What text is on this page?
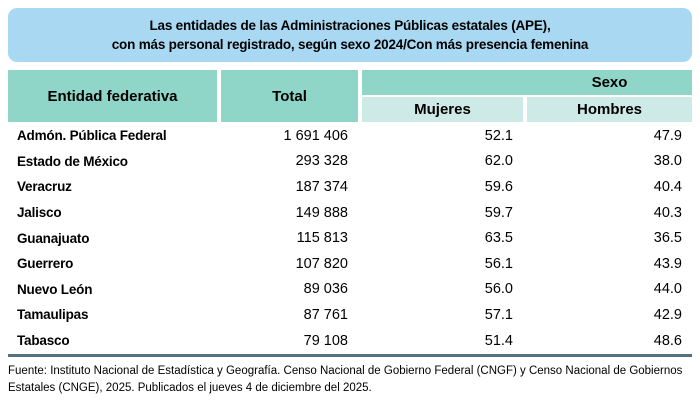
Las entidades de las Administraciones Públicas estatales (APE),
con más personal registrado, según sexo 2024/Con más presencia femenina
Entidad federativa	Total
Sexo
Mujeres	Hombres
Admón. Pública Federal	1 691 406	52.1	47.9
Estado de México	293 328	62.0	38.0
Veracruz	187 374	59.6	40.4
Jalisco	149 888	59.7	40.3
Guanajuato	115 813	63.5	36.5
Guerrero	107 820	56.1	43.9
Nuevo León	89 036	56.0	44.0
Tamaulipas	87 761	57.1	42.9
Tabasco	79 108	51.4	48.6
Fuente: Instituto Nacional de Estadística y Geografía. Censo Nacional de Gobierno Federal (CNGF) y Censo Nacional de Gobiernos
Estatales (CNGE), 2025. Publicados el jueves 4 de diciembre del 2025.
